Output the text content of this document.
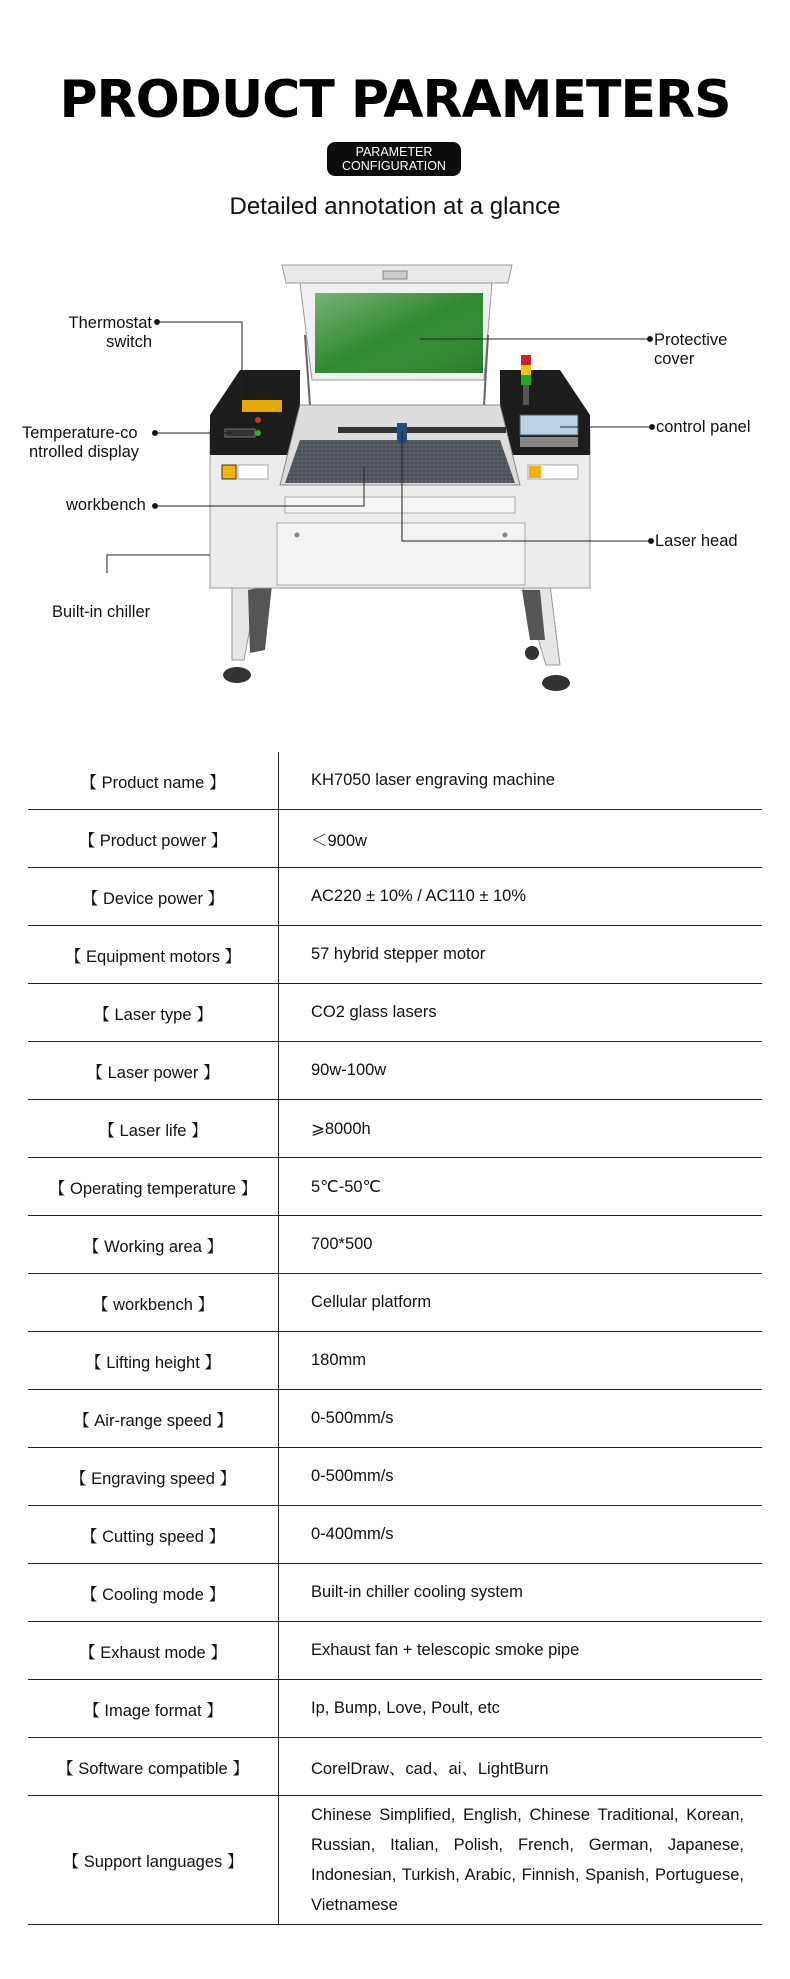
PRODUCT PARAMETERS
PARAMETER
CONFIGURATION
Detailed annotation at a glance
Thermostat
switch
Temperature-co
ntrolled display
workbench
Built-in chiller
Protective
cover
control panel
Laser head
【 Product name 】	KH7050 laser engraving machine
【 Product power 】	＜900w
【 Device power 】	AC220 ± 10% / AC110 ± 10%
【 Equipment motors 】	57 hybrid stepper motor
【 Laser type 】	CO2 glass lasers
【 Laser power 】	90w-100w
【 Laser life 】	⩾8000h
【 Operating temperature 】	5℃-50℃
【 Working area 】	700*500
【 workbench 】	Cellular platform
【 Lifting height 】	180mm
【 Air-range speed 】	0-500mm/s
【 Engraving speed 】	0-500mm/s
【 Cutting speed 】	0-400mm/s
【 Cooling mode 】	Built-in chiller cooling system
【 Exhaust mode 】	Exhaust fan + telescopic smoke pipe
【 Image format 】	Ip, Bump, Love, Poult, etc
【 Software compatible 】	CorelDraw、cad、ai、LightBurn
【 Support languages 】	Chinese Simplified, English, Chinese Traditional, Korean, Russian, Italian, Polish, French, German, Japanese, Indonesian, Turkish, Arabic, Finnish, Spanish, Portuguese, Vietnamese
